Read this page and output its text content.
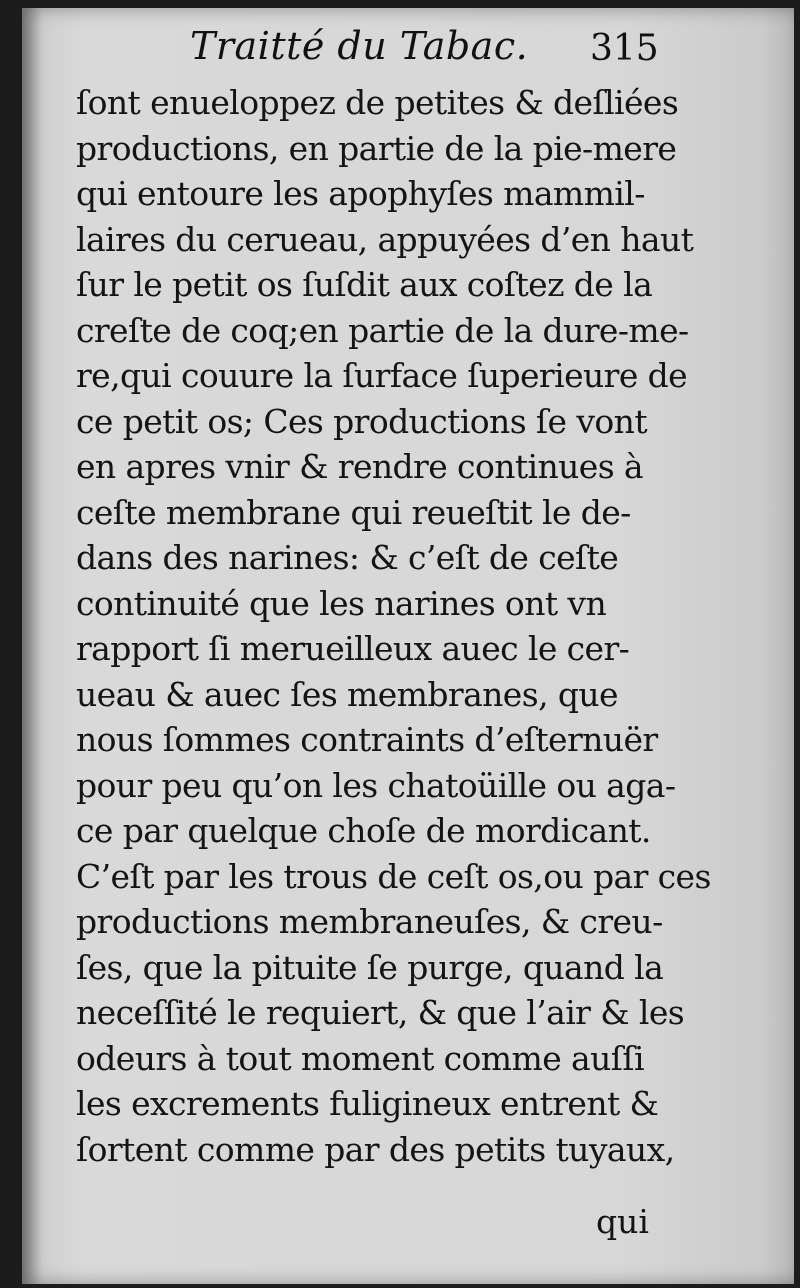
Traitté du Tabac. 315
ſont enueloppez de petites & deſliées
productions, en partie de la pie-mere
qui entoure les apophyſes mammil-
laires du cerueau, appuyées d’en haut
ſur le petit os ſuſdit aux coſtez de la
creſte de coq;en partie de la dure-me-
re,qui couure la ſurface ſuperieure de
ce petit os; Ces productions ſe vont
en apres vnir & rendre continues à
ceſte membrane qui reueſtit le de-
dans des narines: & c’eſt de ceſte
continuité que les narines ont vn
rapport ſi merueilleux auec le cer-
ueau & auec ſes membranes, que
nous ſommes contraints d’eſternuër
pour peu qu’on les chatoüille ou aga-
ce par quelque choſe de mordicant.
C’eſt par les trous de ceſt os,ou par ces
productions membraneuſes, & creu-
ſes, que la pituite ſe purge, quand la
neceſſité le requiert, & que l’air & les
odeurs à tout moment comme auſſi
les excrements fuligineux entrent &
ſortent comme par des petits tuyaux,
qui
